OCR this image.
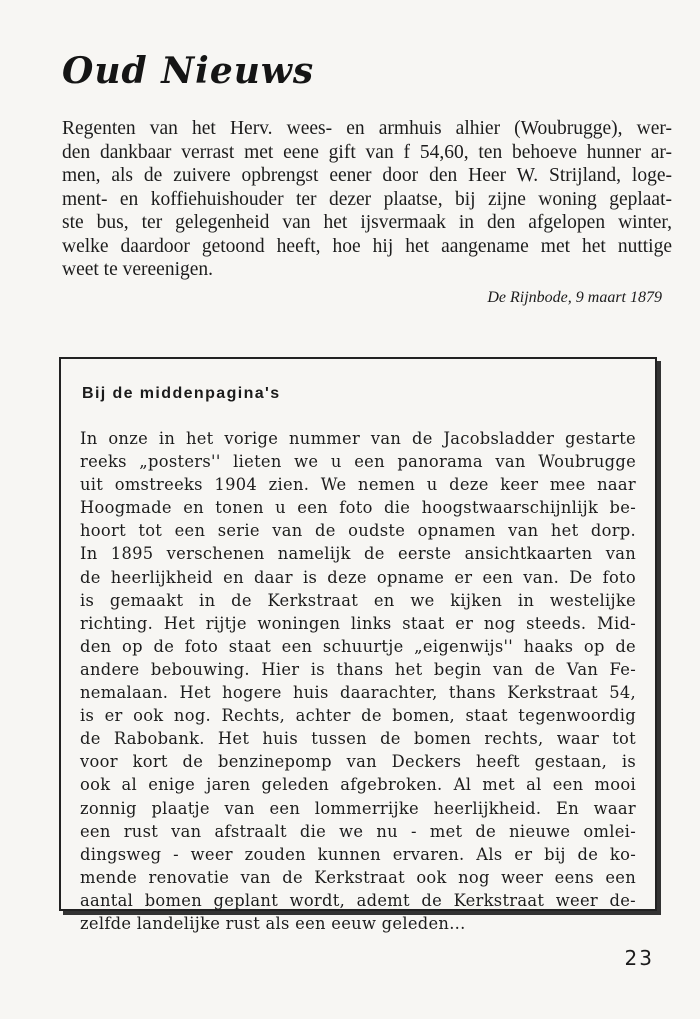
Oud Nieuws
Regenten van het Herv. wees- en armhuis alhier (Woubrugge), wer-
den dankbaar verrast met eene gift van f 54,60, ten behoeve hunner ar-
men, als de zuivere opbrengst eener door den Heer W. Strijland, loge-
ment- en koffiehuishouder ter dezer plaatse, bij zijne woning geplaat-
ste bus, ter gelegenheid van het ijsvermaak in den afgelopen winter,
welke daardoor getoond heeft, hoe hij het aangename met het nuttige
weet te vereenigen.
De Rijnbode, 9 maart 1879
Bij de middenpagina's
In onze in het vorige nummer van de Jacobsladder gestarte
reeks „posters'' lieten we u een panorama van Woubrugge
uit omstreeks 1904 zien. We nemen u deze keer mee naar
Hoogmade en tonen u een foto die hoogstwaarschijnlijk be-
hoort tot een serie van de oudste opnamen van het dorp.
In 1895 verschenen namelijk de eerste ansichtkaarten van
de heerlijkheid en daar is deze opname er een van. De foto
is gemaakt in de Kerkstraat en we kijken in westelijke
richting. Het rijtje woningen links staat er nog steeds. Mid-
den op de foto staat een schuurtje „eigenwijs'' haaks op de
andere bebouwing. Hier is thans het begin van de Van Fe-
nemalaan. Het hogere huis daarachter, thans Kerkstraat 54,
is er ook nog. Rechts, achter de bomen, staat tegenwoordig
de Rabobank. Het huis tussen de bomen rechts, waar tot
voor kort de benzinepomp van Deckers heeft gestaan, is
ook al enige jaren geleden afgebroken. Al met al een mooi
zonnig plaatje van een lommerrijke heerlijkheid. En waar
een rust van afstraalt die we nu - met de nieuwe omlei-
dingsweg - weer zouden kunnen ervaren. Als er bij de ko-
mende renovatie van de Kerkstraat ook nog weer eens een
aantal bomen geplant wordt, ademt de Kerkstraat weer de-
zelfde landelijke rust als een eeuw geleden...
23
